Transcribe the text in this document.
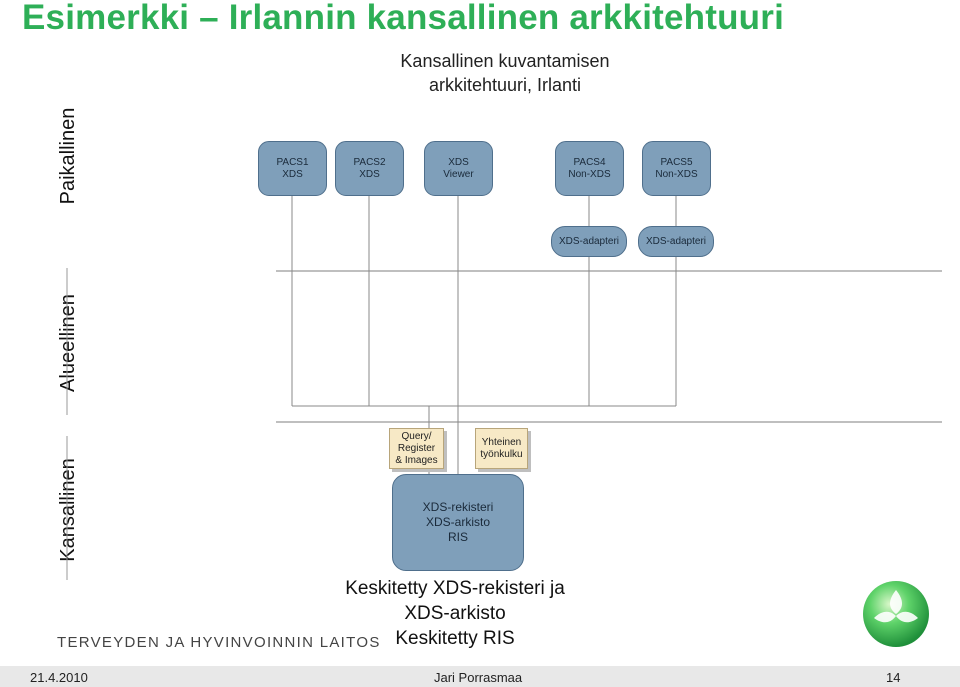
Esimerkki – Irlannin kansallinen arkkitehtuuri
Kansallinen kuvantamisen
arkkitehtuuri, Irlanti
Paikallinen
Alueellinen
Kansallinen
PACS1
XDS
PACS2
XDS
XDS
Viewer
PACS4
Non-XDS
PACS5
Non-XDS
XDS-adapteri	XDS-adapteri
Query/
Register
& Images
Yhteinen
työnkulku
XDS-rekisteri
XDS-arkisto
RIS
Keskitetty XDS-rekisteri ja
XDS-arkisto
Keskitetty RIS
TERVEYDEN JA HYVINVOINNIN LAITOS
21.4.2010	Jari Porrasmaa	14
